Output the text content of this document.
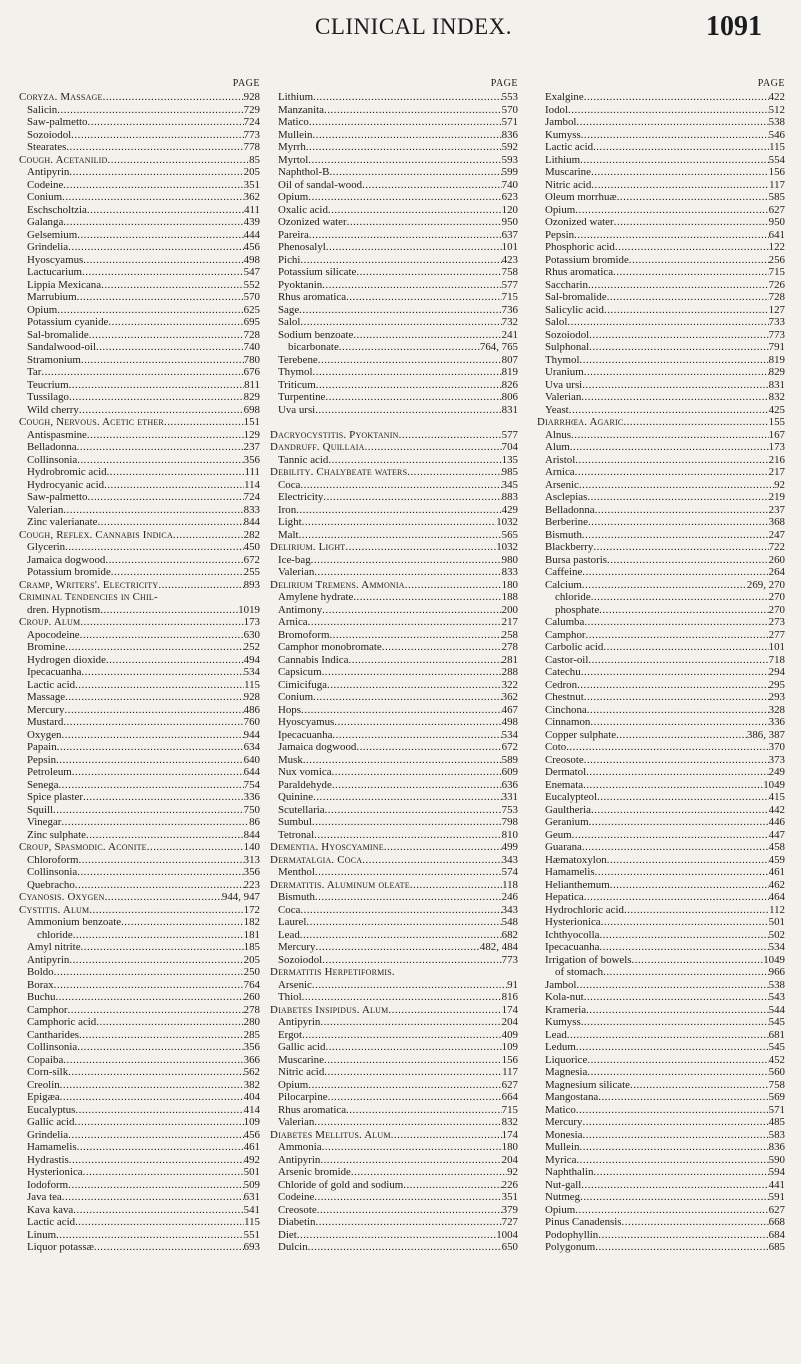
CLINICAL INDEX.	1091
PAGE
Coryza. Massage .....	928
Salicin .....	729
Saw-palmetto .....	724
Sozoiodol .....	773
Stearates .....	778
Cough. Acetanilid .....	85
Antipyrin .....	205
Codeine .....	351
Conium .....	362
Eschscholtzia .....	411
Galanga .....	439
Gelsemium .....	444
Grindelia .....	456
Hyoscyamus .....	498
Lactucarium .....	547
Lippia Mexicana .....	552
Marrubium .....	570
Opium .....	625
Potassium cyanide .....	695
Sal-bromalide .....	728
Sandalwood-oil .....	740
Stramonium .....	780
Tar .....	676
Teucrium .....	811
Tussilago .....	829
Wild cherry .....	698
Cough, Nervous. Acetic ether .....	151
Antispasmine .....	129
Belladonna .....	237
Collinsonia .....	356
Hydrobromic acid .....	111
Hydrocyanic acid .....	114
Saw-palmetto .....	724
Valerian .....	833
Zinc valerianate .....	844
Cough, Reflex. Cannabis Indica .....	282
Glycerin .....	450
Jamaica dogwood .....	672
Potassium bromide .....	255
Cramp, Writers'. Electricity .....	893
Criminal Tendencies in Chil-
dren. Hypnotism .....	1019
Croup. Alum .....	173
Apocodeine .....	630
Bromine .....	252
Hydrogen dioxide .....	494
Ipecacuanha .....	534
Lactic acid .....	115
Massage .....	928
Mercury .....	486
Mustard .....	760
Oxygen .....	944
Papain .....	634
Pepsin .....	640
Petroleum .....	644
Senega .....	754
Spice plaster .....	336
Squill .....	750
Vinegar .....	86
Zinc sulphate .....	844
Croup, Spasmodic. Aconite .....	140
Chloroform .....	313
Collinsonia .....	356
Quebracho .....	223
Cyanosis. Oxygen .....	944, 947
Cystitis. Alum .....	172
Ammonium benzoate .....	182
chloride .....	181
Amyl nitrite .....	185
Antipyrin .....	205
Boldo .....	250
Borax .....	764
Buchu .....	260
Camphor .....	278
Camphoric acid .....	280
Cantharides .....	285
Collinsonia .....	356
Copaiba .....	366
Corn-silk .....	562
Creolin .....	382
Epigæa .....	404
Eucalyptus .....	414
Gallic acid .....	109
Grindelia .....	456
Hamamelis .....	461
Hydrastis .....	492
Hysterionica .....	501
Iodoform .....	509
Java tea .....	631
Kava kava .....	541
Lactic acid .....	115
Linum .....	551
Liquor potassæ .....	693
PAGE
Lithium .....	553
Manzanita .....	570
Matico .....	571
Mullein .....	836
Myrrh .....	592
Myrtol .....	593
Naphthol-B .....	599
Oil of sandal-wood .....	740
Opium .....	623
Oxalic acid .....	120
Ozonized water .....	950
Pareira .....	637
Phenosalyl .....	101
Pichi .....	423
Potassium silicate .....	758
Pyoktanin .....	577
Rhus aromatica .....	715
Sage .....	736
Salol .....	732
Sodium benzoate .....	241
bicarbonate .....	764, 765
Terebene .....	807
Thymol .....	819
Triticum .....	826
Turpentine .....	806
Uva ursi .....	831
Dacryocystitis. Pyoktanin .....	577
Dandruff. Quillaia .....	704
Tannic acid .....	135
Debility. Chalybeate waters .....	985
Coca .....	345
Electricity .....	883
Iron .....	429
Light .....	1032
Malt .....	565
Delirium. Light .....	1032
Ice-bag .....	980
Valerian .....	833
Delirium Tremens. Ammonia .....	180
Amylene hydrate .....	188
Antimony .....	200
Arnica .....	217
Bromoform .....	258
Camphor monobromate .....	278
Cannabis Indica .....	281
Capsicum .....	288
Cimicifuga .....	322
Conium .....	362
Hops .....	467
Hyoscyamus .....	498
Ipecacuanha .....	534
Jamaica dogwood .....	672
Musk .....	589
Nux vomica .....	609
Paraldehyde .....	636
Quinine .....	331
Scutellaria .....	753
Sumbul .....	798
Tetronal .....	810
Dementia. Hyoscyamine .....	499
Dermatalgia. Coca .....	343
Menthol .....	574
Dermatitis. Aluminum oleate .....	118
Bismuth .....	246
Coca .....	343
Laurel .....	548
Lead .....	682
Mercury .....	482, 484
Sozoiodol .....	773
Dermatitis Herpetiformis.
Arsenic .....	91
Thiol .....	816
Diabetes Insipidus. Alum .....	174
Antipyrin .....	204
Ergot .....	409
Gallic acid .....	109
Muscarine .....	156
Nitric acid .....	117
Opium .....	627
Pilocarpine .....	664
Rhus aromatica .....	715
Valerian .....	832
Diabetes Mellitus. Alum .....	174
Ammonia .....	180
Antipyrin .....	204
Arsenic bromide .....	92
Chloride of gold and sodium .....	226
Codeine .....	351
Creosote .....	379
Diabetin .....	727
Diet .....	1004
Dulcin .....	650
PAGE
Exalgine .....	422
Iodol .....	512
Jambol .....	538
Kumyss .....	546
Lactic acid .....	115
Lithium .....	554
Muscarine .....	156
Nitric acid .....	117
Oleum morrhuæ .....	585
Opium .....	627
Ozonized water .....	950
Pepsin .....	641
Phosphoric acid .....	122
Potassium bromide .....	256
Rhus aromatica .....	715
Saccharin .....	726
Sal-bromalide .....	728
Salicylic acid .....	127
Salol .....	733
Sozoiodol .....	773
Sulphonal .....	791
Thymol .....	819
Uranium .....	829
Uva ursi .....	831
Valerian .....	832
Yeast .....	425
Diarrhœa. Agaric .....	155
Alnus .....	167
Alum .....	173
Aristol .....	216
Arnica .....	217
Arsenic .....	92
Asclepias .....	219
Belladonna .....	237
Berberine .....	368
Bismuth .....	247
Blackberry .....	722
Bursa pastoris .....	260
Caffeine .....	264
Calcium .....	269, 270
chloride .....	270
phosphate .....	270
Calumba .....	273
Camphor .....	277
Carbolic acid .....	101
Castor-oil .....	718
Catechu .....	294
Cedron .....	295
Chestnut .....	293
Cinchona .....	328
Cinnamon .....	336
Copper sulphate .....	386, 387
Coto .....	370
Creosote .....	373
Dermatol .....	249
Enemata .....	1049
Eucalypteol .....	415
Gaultheria .....	442
Geranium .....	446
Geum .....	447
Guarana .....	458
Hæmatoxylon .....	459
Hamamelis .....	461
Helianthemum .....	462
Hepatica .....	464
Hydrochloric acid .....	112
Hysterionica .....	501
Ichthyocolla .....	502
Ipecacuanha .....	534
Irrigation of bowels .....	1049
of stomach .....	966
Jambol .....	538
Kola-nut .....	543
Krameria .....	544
Kumyss .....	545
Lead .....	681
Ledum .....	545
Liquorice .....	452
Magnesia .....	560
Magnesium silicate .....	758
Mangostana .....	569
Matico .....	571
Mercury .....	485
Monesia .....	583
Mullein .....	836
Myrica .....	590
Naphthalin .....	594
Nut-gall .....	441
Nutmeg .....	591
Opium .....	627
Pinus Canadensis .....	668
Podophyllin .....	684
Polygonum .....	685
